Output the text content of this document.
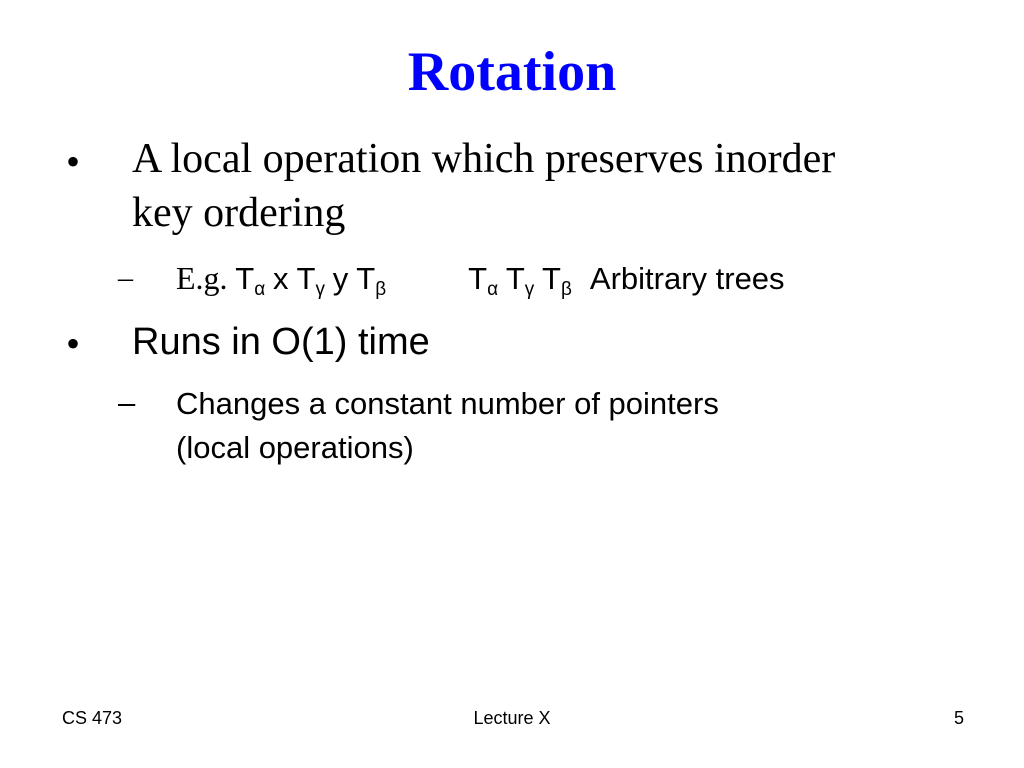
Rotation
• A local operation which preserves inorder
key ordering
– E.g. $T_\alpha$ x $T_\gamma$ y $T_\beta$	$T_\alpha$ $T_\gamma$ $T_\beta$ Arbitrary trees
• Runs in O(1) time
– Changes a constant number of pointers
(local operations)
CS 473	Lecture X	5
